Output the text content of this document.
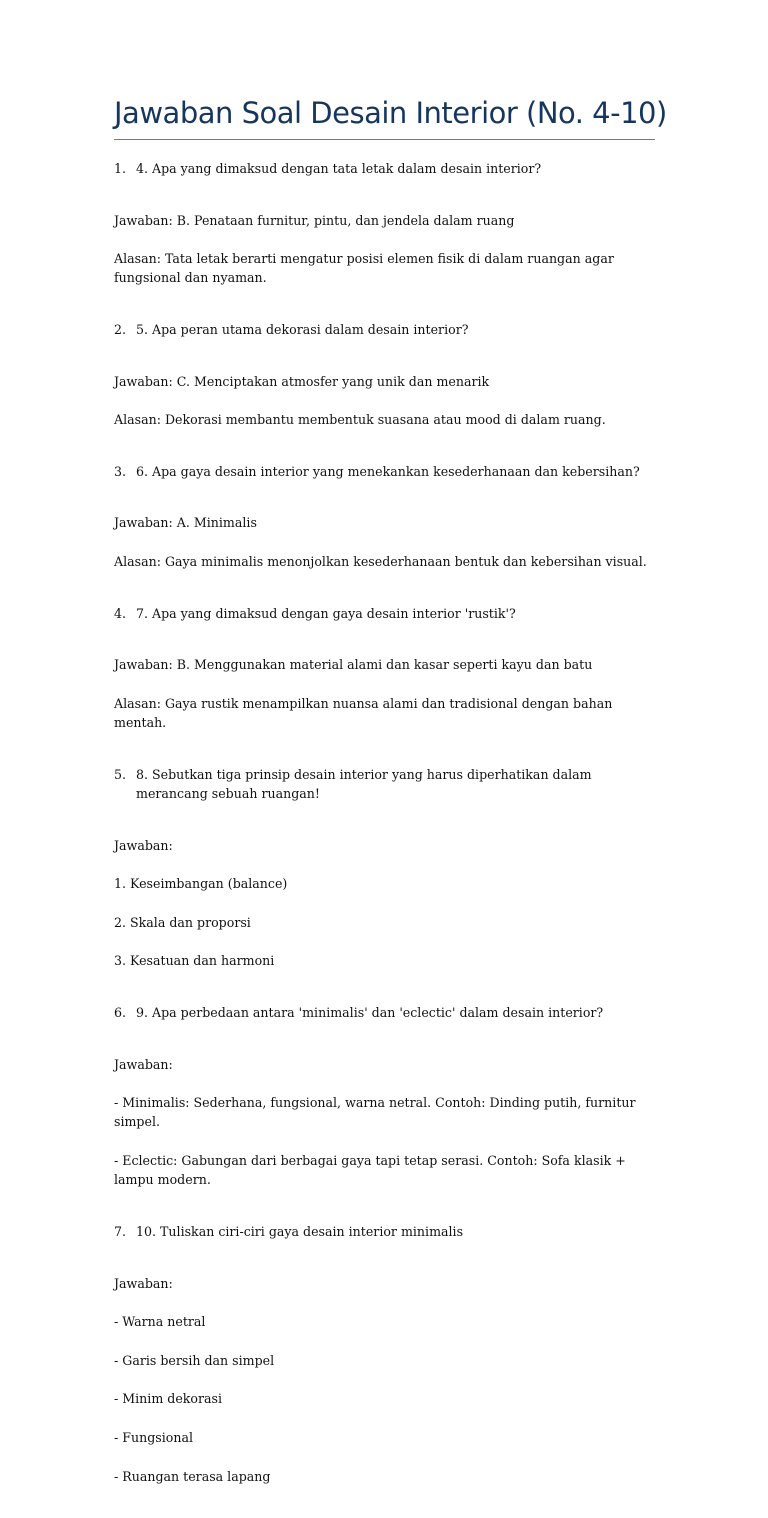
Jawaban Soal Desain Interior (No. 4-10)
1. 4. Apa yang dimaksud dengan tata letak dalam desain interior?

Jawaban: B. Penataan furnitur, pintu, dan jendela dalam ruang

Alasan: Tata letak berarti mengatur posisi elemen fisik di dalam ruangan agar fungsional dan nyaman.

2. 5. Apa peran utama dekorasi dalam desain interior?

Jawaban: C. Menciptakan atmosfer yang unik dan menarik

Alasan: Dekorasi membantu membentuk suasana atau mood di dalam ruang.

3. 6. Apa gaya desain interior yang menekankan kesederhanaan dan kebersihan?

Jawaban: A. Minimalis

Alasan: Gaya minimalis menonjolkan kesederhanaan bentuk dan kebersihan visual.

4. 7. Apa yang dimaksud dengan gaya desain interior 'rustik'?

Jawaban: B. Menggunakan material alami dan kasar seperti kayu dan batu

Alasan: Gaya rustik menampilkan nuansa alami dan tradisional dengan bahan mentah.

5. 8. Sebutkan tiga prinsip desain interior yang harus diperhatikan dalam merancang sebuah ruangan!

Jawaban:

1. Keseimbangan (balance)

2. Skala dan proporsi

3. Kesatuan dan harmoni

6. 9. Apa perbedaan antara 'minimalis' dan 'eclectic' dalam desain interior?

Jawaban:

- Minimalis: Sederhana, fungsional, warna netral. Contoh: Dinding putih, furnitur simpel.

- Eclectic: Gabungan dari berbagai gaya tapi tetap serasi. Contoh: Sofa klasik + lampu modern.

7. 10. Tuliskan ciri-ciri gaya desain interior minimalis

Jawaban:

- Warna netral

- Garis bersih dan simpel

- Minim dekorasi

- Fungsional

- Ruangan terasa lapang
